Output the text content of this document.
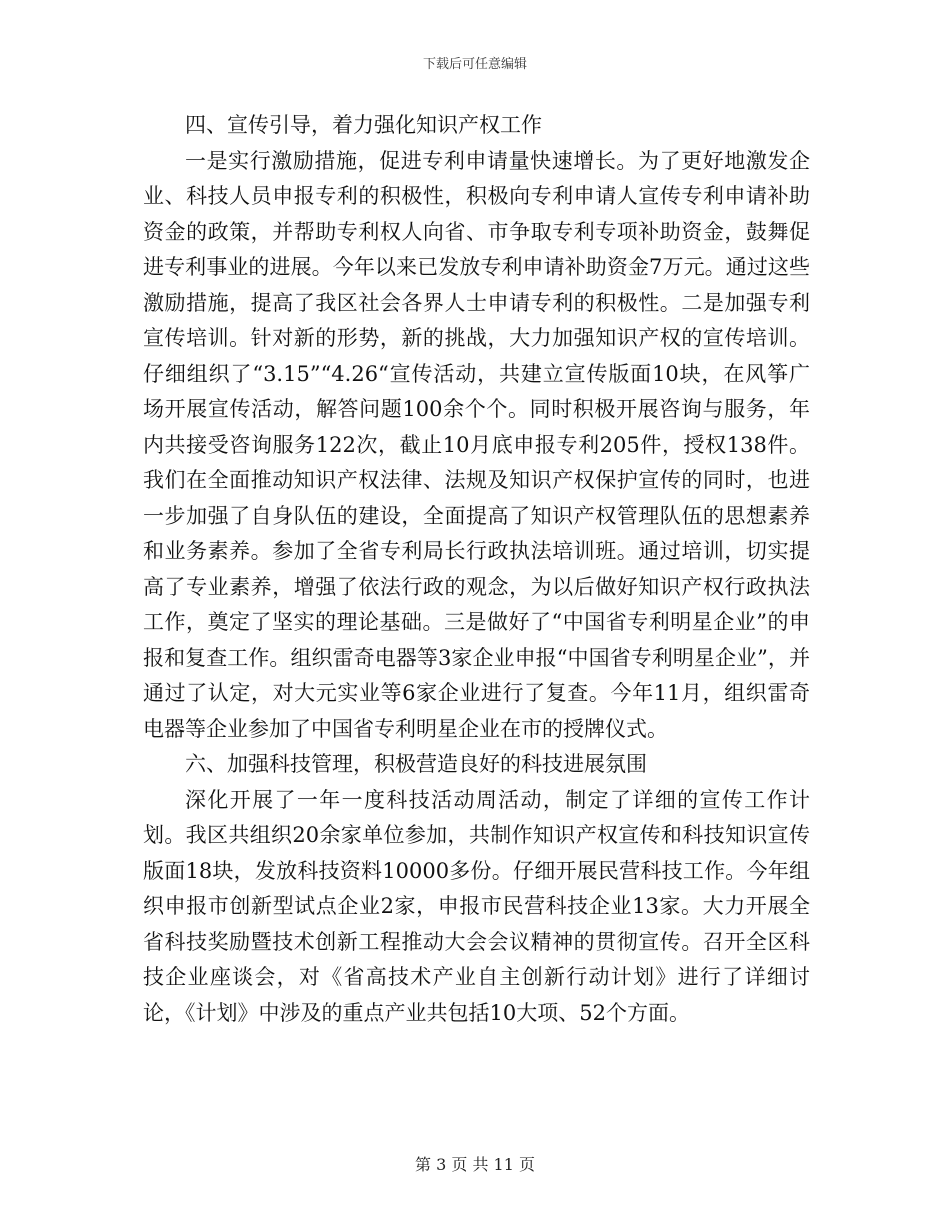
下载后可任意编辑

四、宣传引导，着力强化知识产权工作

一是实行激励措施，促进专利申请量快速增长。为了更好地激发企业、科技人员申报专利的积极性，积极向专利申请人宣传专利申请补助资金的政策，并帮助专利权人向省、市争取专利专项补助资金，鼓舞促进专利事业的进展。今年以来已发放专利申请补助资金7万元。通过这些激励措施，提高了我区社会各界人士申请专利的积极性。二是加强专利宣传培训。针对新的形势，新的挑战，大力加强知识产权的宣传培训。仔细组织了“3.15”“4.26“宣传活动，共建立宣传版面10块，在风筝广场开展宣传活动，解答问题100余个个。同时积极开展咨询与服务，年内共接受咨询服务122次，截止10月底申报专利205件，授权138件。我们在全面推动知识产权法律、法规及知识产权保护宣传的同时，也进一步加强了自身队伍的建设，全面提高了知识产权管理队伍的思想素养和业务素养。参加了全省专利局长行政执法培训班。通过培训，切实提高了专业素养，增强了依法行政的观念，为以后做好知识产权行政执法工作，奠定了坚实的理论基础。三是做好了“中国省专利明星企业”的申报和复查工作。组织雷奇电器等3家企业申报“中国省专利明星企业”，并通过了认定，对大元实业等6家企业进行了复查。今年11月，组织雷奇电器等企业参加了中国省专利明星企业在市的授牌仪式。

六、加强科技管理，积极营造良好的科技进展氛围

深化开展了一年一度科技活动周活动，制定了详细的宣传工作计划。我区共组织20余家单位参加，共制作知识产权宣传和科技知识宣传版面18块，发放科技资料10000多份。仔细开展民营科技工作。今年组织申报市创新型试点企业2家，申报市民营科技企业13家。大力开展全省科技奖励暨技术创新工程推动大会会议精神的贯彻宣传。召开全区科技企业座谈会，对《省高技术产业自主创新行动计划》进行了详细讨论，《计划》中涉及的重点产业共包括10大项、52个方面。

第 3 页 共 11 页
